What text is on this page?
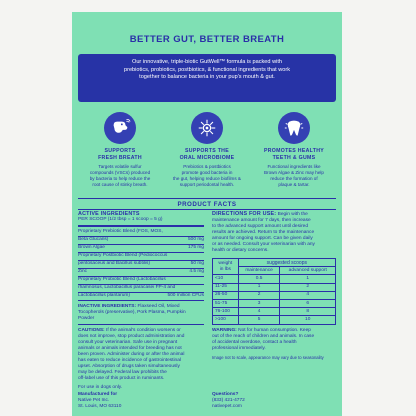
BETTER GUT, BETTER BREATH
Our innovative, triple-biotic GutWell™ formula is packed with
prebiotics, probiotics, postbiotics, & functional ingredients that work
together to balance bacteria in your pup's mouth & gut.
SUPPORTS
FRESH BREATH
Targets volatile sulfur
compounds (VSCs) produced
by bacteria to help reduce the
root cause of stinky breath.
SUPPORTS THE
ORAL MICROBIOME
Prebiotics & postbiotics
promote good bacteria in
the gut, helping reduce biofilms &
support periodontal health.
PROMOTES HEALTHY
TEETH & GUMS
Functional ingredients like
Brown Algae & Zinc may help
reduce the formation of
plaque & tartar.
PRODUCT FACTS
ACTIVE INGREDIENTS
PER SCOOP (1/2 tbsp = 1 scoop = 5 g)
Proprietary Prebiotic Blend (FOS, MOS,
Beta Glucans)	500 mg
Brown Algae	175 mg
Proprietary Postbiotic Blend (Pediococcus
pentosaceus and Bacillus subtilis)	50 mg
Zinc	4.5 mg
Proprietary Probiotic Blend (Lactobacillus
rhamnosus, Lactobacillus paracasei FP-4 and
Lactobacillus plantarum)	500 million CFUs
INACTIVE INGREDIENTS: Flaxseed Oil, Mixed
Tocopherols (preservative), Pork Plasma, Pumpkin
Powder
CAUTIONS: If the animal's condition worsens or
does not improve, stop product administration and
consult your veterinarian. Safe use in pregnant
animals or animals intended for breeding has not
been proven. Administer during or after the animal
has eaten to reduce incidence of gastrointestinal
upset. Absorption of drugs taken simultaneously
may be delayed. Federal law prohibits the
off-label use of this product in ruminants.
For use in dogs only.
DIRECTIONS FOR USE: Begin with the
maintenance amount for 7 days, then increase
to the advanced support amount until desired
results are achieved. Return to the maintenance
amount for ongoing support. Can be given daily
or as needed. Consult your veterinarian with any
health or dietary concerns.
weight
in lbs	suggested scoops	
	maintenance	advanced support
<10	0.5	1
11-25	1	2
26-50	2	4
51-75	3	6
76-100	4	8
>100	5	10
WARNING: Not for human consumption. Keep
out of the reach of children and animals. In case
of accidental overdose, contact a health
professional immediately.
Image not to scale, appearance may vary due to seasonality
Manufactured for
Native Pet Inc.
St. Louis, MO 63110
Questions?
(833) 421-4772
nativepet.com
